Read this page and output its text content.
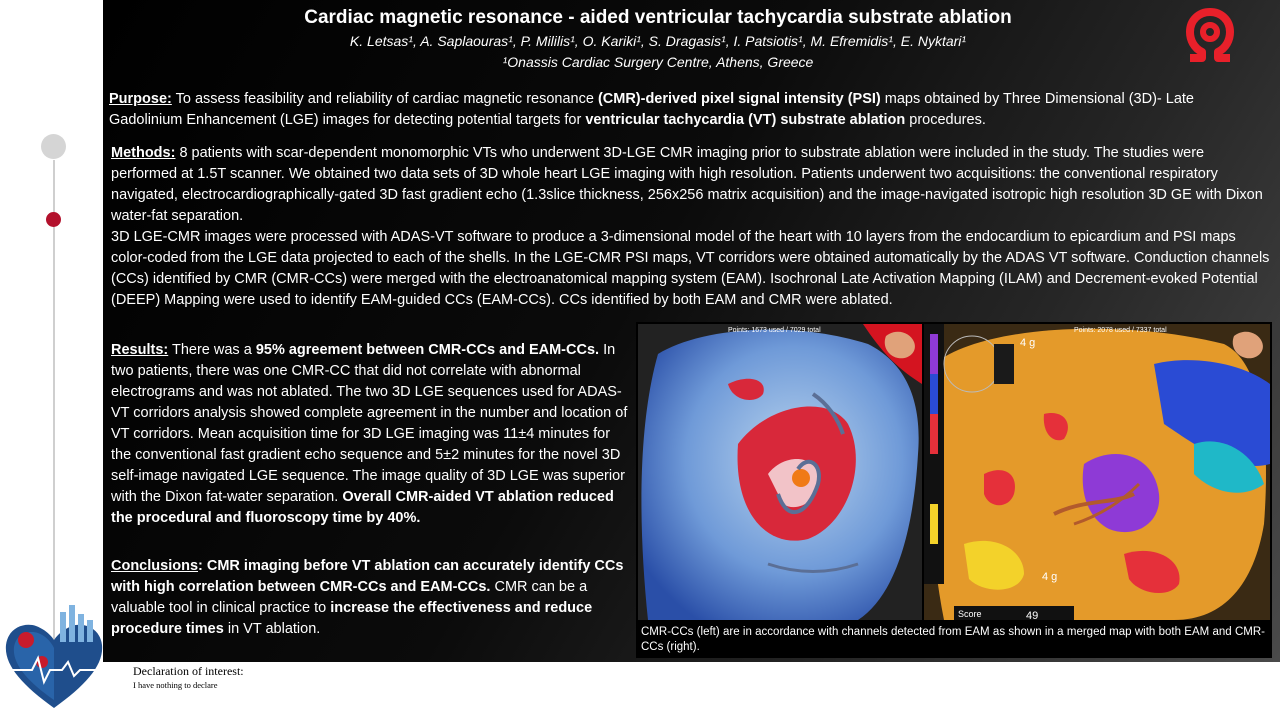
Cardiac magnetic resonance - aided ventricular tachycardia substrate ablation
K. Letsas¹, A. Saplaouras¹, P. Mililis¹, O. Kariki¹, S. Dragasis¹, I. Patsiotis¹, M. Efremidis¹, E. Nyktari¹
¹Onassis Cardiac Surgery Centre, Athens, Greece
Purpose: To assess feasibility and reliability of cardiac magnetic resonance (CMR)-derived pixel signal intensity (PSI) maps obtained by Three Dimensional (3D)- Late Gadolinium Enhancement (LGE) images for detecting potential targets for ventricular tachycardia (VT) substrate ablation procedures.
Methods: 8 patients with scar-dependent monomorphic VTs who underwent 3D-LGE CMR imaging prior to substrate ablation were included in the study. The studies were performed at 1.5T scanner. We obtained two data sets of 3D whole heart LGE imaging with high resolution. Patients underwent two acquisitions: the conventional respiratory navigated, electrocardiographically-gated 3D fast gradient echo (1.3slice thickness, 256x256 matrix acquisition) and the image-navigated isotropic high resolution 3D GE with Dixon water-fat separation.
3D LGE-CMR images were processed with ADAS-VT software to produce a 3-dimensional model of the heart with 10 layers from the endocardium to epicardium and PSI maps color-coded from the LGE data projected to each of the shells. In the LGE-CMR PSI maps, VT corridors were obtained automatically by the ADAS VT software. Conduction channels (CCs) identified by CMR (CMR-CCs) were merged with the electroanatomical mapping system (EAM). Isochronal Late Activation Mapping (ILAM) and Decrement-evoked Potential (DEEP) Mapping were used to identify EAM-guided CCs (EAM-CCs). CCs identified by both EAM and CMR were ablated.
Results: There was a 95% agreement between CMR-CCs and EAM-CCs. In two patients, there was one CMR-CC that did not correlate with abnormal electrograms and was not ablated. The two 3D LGE sequences used for ADAS-VT corridors analysis showed complete agreement in the number and location of VT corridors. Mean acquisition time for 3D LGE imaging was 11±4 minutes for the conventional fast gradient echo sequence and 5±2 minutes for the novel 3D self-image navigated LGE sequence. The image quality of 3D LGE was superior with the Dixon fat-water separation. Overall CMR-aided VT ablation reduced the procedural and fluoroscopy time by 40%.
Conclusions: CMR imaging before VT ablation can accurately identify CCs with high correlation between CMR-CCs and EAM-CCs. CMR can be a valuable tool in clinical practice to increase the effectiveness and reduce procedure times in VT ablation.
Points: 1673 used / 7029 total	Points: 2078 used / 7337 total
4 g
4 g
Score	49
CMR-CCs (left) are in accordance with channels detected from EAM as shown in a merged map with both EAM and CMR-CCs (right).
Declaration of interest:
I have nothing to declare
